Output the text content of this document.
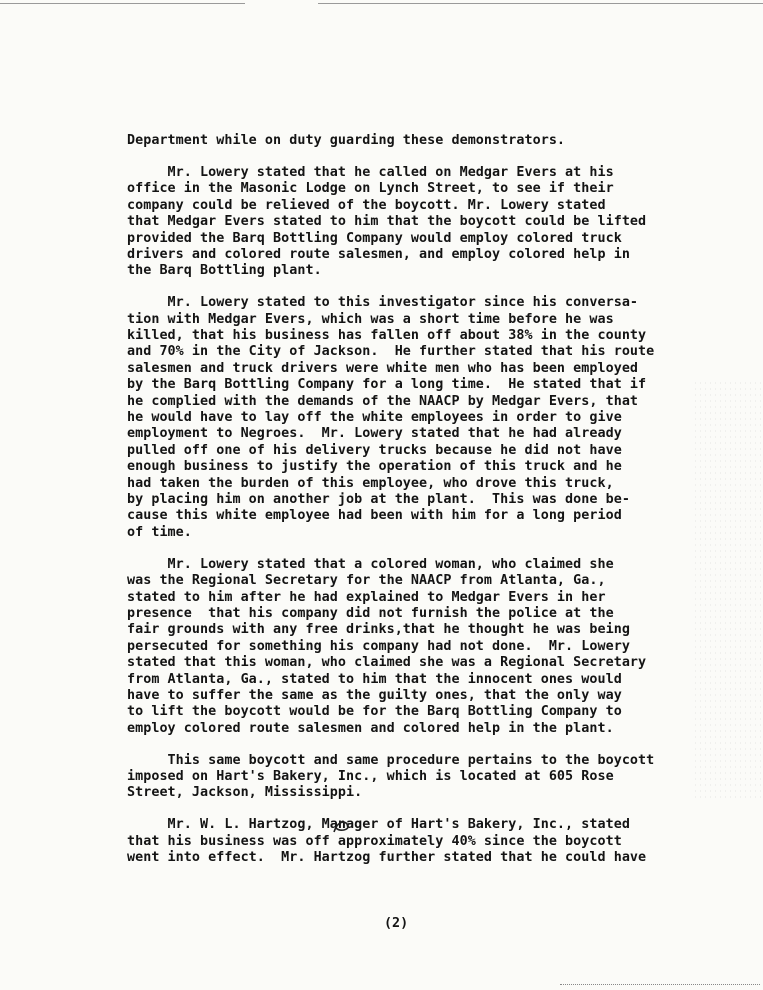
Department while on duty guarding these demonstrators.
Mr. Lowery stated that he called on Medgar Evers at his
office in the Masonic Lodge on Lynch Street, to see if their
company could be relieved of the boycott. Mr. Lowery stated
that Medgar Evers stated to him that the boycott could be lifted
provided the Barq Bottling Company would employ colored truck
drivers and colored route salesmen, and employ colored help in
the Barq Bottling plant.
Mr. Lowery stated to this investigator since his conversa-
tion with Medgar Evers, which was a short time before he was
killed, that his business has fallen off about 38% in the county
and 70% in the City of Jackson.  He further stated that his route
salesmen and truck drivers were white men who has been employed
by the Barq Bottling Company for a long time.  He stated that if
he complied with the demands of the NAACP by Medgar Evers, that
he would have to lay off the white employees in order to give
employment to Negroes.  Mr. Lowery stated that he had already
pulled off one of his delivery trucks because he did not have
enough business to justify the operation of this truck and he
had taken the burden of this employee, who drove this truck,
by placing him on another job at the plant.  This was done be-
cause this white employee had been with him for a long period
of time.
Mr. Lowery stated that a colored woman, who claimed she
was the Regional Secretary for the NAACP from Atlanta, Ga.,
stated to him after he had explained to Medgar Evers in her
presence  that his company did not furnish the police at the
fair grounds with any free drinks,that he thought he was being
persecuted for something his company had not done.  Mr. Lowery
stated that this woman, who claimed she was a Regional Secretary
from Atlanta, Ga., stated to him that the innocent ones would
have to suffer the same as the guilty ones, that the only way
to lift the boycott would be for the Barq Bottling Company to
employ colored route salesmen and colored help in the plant.
This same boycott and same procedure pertains to the boycott
imposed on Hart's Bakery, Inc., which is located at 605 Rose
Street, Jackson, Mississippi.
Mr. W. L. Hartzog, Manager of Hart's Bakery, Inc., stated
that his business was off approximately 40% since the boycott
went into effect.  Mr. Hartzog further stated that he could have
(2)
